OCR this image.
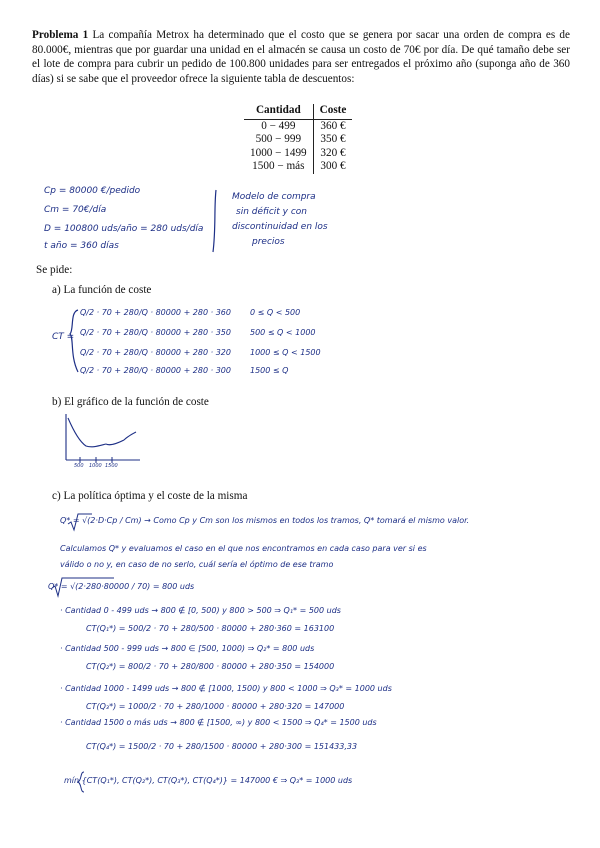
Problema 1 La compañía Metrox ha determinado que el costo que se genera por sacar una orden de compra es de 80.000€, mientras que por guardar una unidad en el almacén se causa un costo de 70€ por día. De qué tamaño debe ser el lote de compra para cubrir un pedido de 100.800 unidades para ser entregados el próximo año (suponga año de 360 días) si se sabe que el proveedor ofrece la siguiente tabla de descuentos:

Cantidad	Coste
0 − 499	360 €
500 − 999	350 €
1000 − 1499	320 €
1500 − más	300 €
Cp = 80000 €/pedido
Cm = 70€/día
D = 100800 uds/año = 280 uds/día
t año = 360 días
Modelo de compra
sin déficit y con
discontinuidad en los
precios
Se pide:
a) La función de coste
CT =
Q/2 · 70 + 280/Q · 80000 + 280 · 360 0 ≤ Q < 500
Q/2 · 70 + 280/Q · 80000 + 280 · 350 500 ≤ Q < 1000
Q/2 · 70 + 280/Q · 80000 + 280 · 320 1000 ≤ Q < 1500
Q/2 · 70 + 280/Q · 80000 + 280 · 300 1500 ≤ Q
b) El gráfico de la función de coste
500 1000 1500
c) La política óptima y el coste de la misma
Q* = √(2·D·Cp / Cm) → Como Cp y Cm son los mismos en todos los tramos, Q* tomará el mismo valor.
Calculamos Q* y evaluamos el caso en el que nos encontramos en cada caso para ver si es
válido o no y, en caso de no serlo, cuál sería el óptimo de ese tramo
Q* = √(2·280·80000 / 70) = 800 uds
· Cantidad 0 - 499 uds → 800 ∉ [0, 500) y 800 > 500 ⇒ Q₁* = 500 uds
CT(Q₁*) = 500/2 · 70 + 280/500 · 80000 + 280·360 = 163100
· Cantidad 500 - 999 uds → 800 ∈ [500, 1000) ⇒ Q₂* = 800 uds
CT(Q₂*) = 800/2 · 70 + 280/800 · 80000 + 280·350 = 154000
· Cantidad 1000 - 1499 uds → 800 ∉ [1000, 1500) y 800 < 1000 ⇒ Q₃* = 1000 uds
CT(Q₃*) = 1000/2 · 70 + 280/1000 · 80000 + 280·320 = 147000
· Cantidad 1500 o más uds → 800 ∉ [1500, ∞) y 800 < 1500 ⇒ Q₄* = 1500 uds
CT(Q₄*) = 1500/2 · 70 + 280/1500 · 80000 + 280·300 = 151433,33
mín {CT(Q₁*), CT(Q₂*), CT(Q₃*), CT(Q₄*)} = 147000 € ⇒ Q₃* = 1000 uds
